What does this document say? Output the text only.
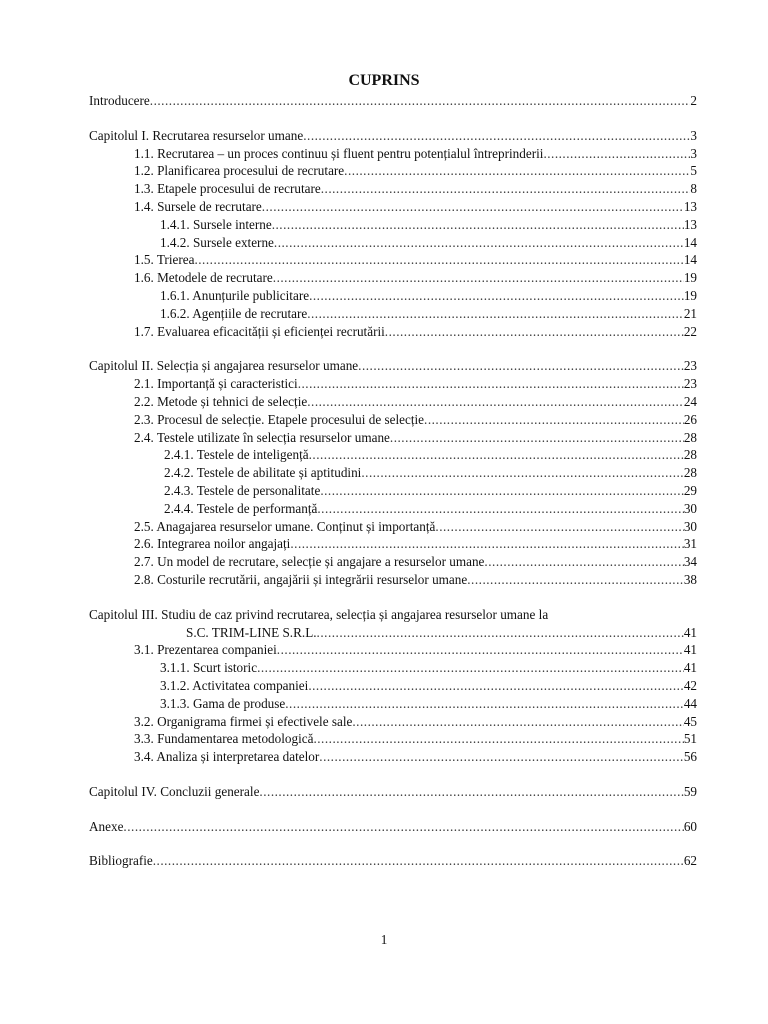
CUPRINS
Introducere .....	2
Capitolul I. Recrutarea resurselor umane .....	3
1.1. Recrutarea – un proces continuu și fluent pentru potențialul întreprinderii .....	3
1.2. Planificarea procesului de recrutare .....	5
1.3. Etapele procesului de recrutare .....	8
1.4. Sursele de recrutare .....	13
1.4.1. Sursele interne .....	13
1.4.2. Sursele externe .....	14
1.5. Trierea .....	14
1.6. Metodele de recrutare .....	19
1.6.1. Anunțurile publicitare .....	19
1.6.2. Agențiile de recrutare .....	21
1.7. Evaluarea eficacității și eficienței recrutării .....	22
Capitolul II. Selecția și angajarea resurselor umane .....	23
2.1. Importanță și caracteristici .....	23
2.2. Metode și tehnici de selecție .....	24
2.3. Procesul de selecție. Etapele procesului de selecție .....	26
2.4. Testele utilizate în selecția resurselor umane .....	28
2.4.1. Testele de inteligență .....	28
2.4.2. Testele de abilitate și aptitudini .....	28
2.4.3. Testele de personalitate .....	29
2.4.4. Testele de performanță .....	30
2.5. Anagajarea resurselor umane. Conținut și importanță .....	30
2.6. Integrarea noilor angajați .....	31
2.7. Un model de recrutare, selecție și angajare a resurselor umane .....	34
2.8. Costurile recrutării, angajării și integrării resurselor umane .....	38
Capitolul III. Studiu de caz privind recrutarea, selecția și angajarea resurselor umane la
S.C. TRIM-LINE S.R.L. .....	41
3.1. Prezentarea companiei .....	41
3.1.1. Scurt istoric .....	41
3.1.2. Activitatea companiei .....	42
3.1.3. Gama de produse .....	44
3.2. Organigrama firmei și efectivele sale .....	45
3.3. Fundamentarea metodologică .....	51
3.4. Analiza și interpretarea datelor .....	56
Capitolul IV. Concluzii generale .....	59
Anexe .....	60
Bibliografie .....	62
1
